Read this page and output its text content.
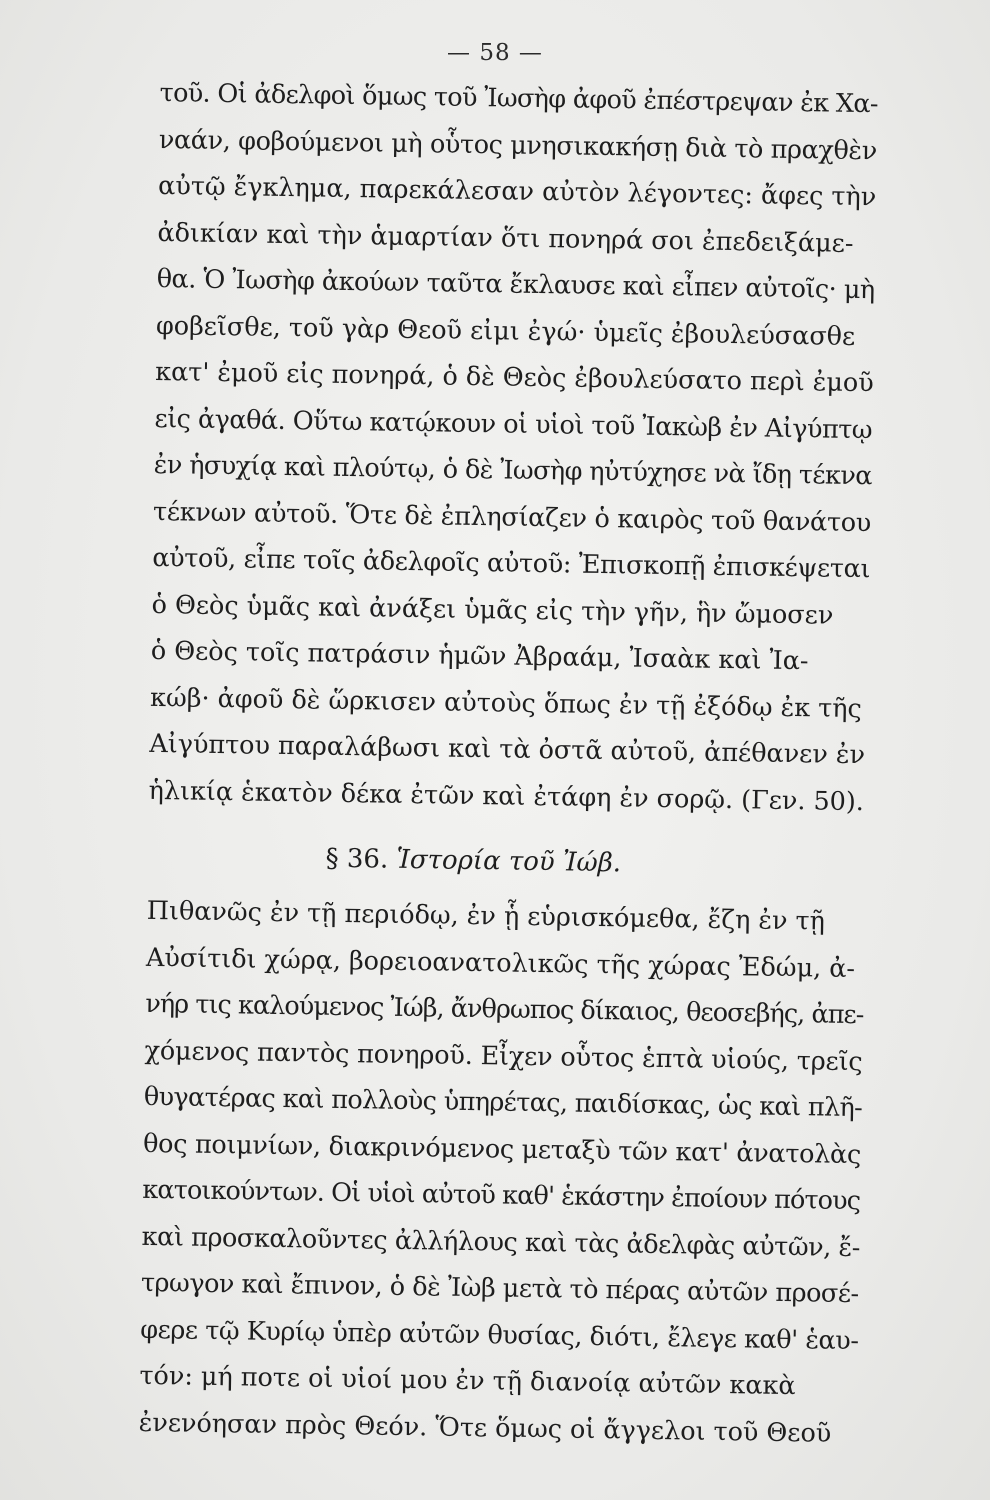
— 58 —
τοῦ. Οἱ ἀδελφοὶ ὅμως τοῦ Ἰωσὴφ ἀφοῦ ἐπέστρεψαν ἐκ Χα-
ναάν, φοβούμενοι μὴ οὗτος μνησικακήσῃ διὰ τὸ πραχθὲν
αὐτῷ ἔγκλημα, παρεκάλεσαν αὐτὸν λέγοντες: ἄφες τὴν
ἀδικίαν καὶ τὴν ἁμαρτίαν ὅτι πονηρά σοι ἐπεδειξάμε-
θα. Ὁ Ἰωσὴφ ἀκούων ταῦτα ἔκλαυσε καὶ εἶπεν αὐτοῖς· μὴ
φοβεῖσθε, τοῦ γὰρ Θεοῦ εἰμι ἐγώ· ὑμεῖς ἐβουλεύσασθε
κατ' ἐμοῦ εἰς πονηρά, ὁ δὲ Θεὸς ἐβουλεύσατο περὶ ἐμοῦ
εἰς ἀγαθά. Οὕτω κατῴκουν οἱ υἱοὶ τοῦ Ἰακὼβ ἐν Αἰγύπτῳ
ἐν ἡσυχίᾳ καὶ πλούτῳ, ὁ δὲ Ἰωσὴφ ηὐτύχησε νὰ ἴδῃ τέκνα
τέκνων αὐτοῦ. Ὅτε δὲ ἐπλησίαζεν ὁ καιρὸς τοῦ θανάτου
αὐτοῦ, εἶπε τοῖς ἀδελφοῖς αὐτοῦ: Ἐπισκοπῇ ἐπισκέψεται
ὁ Θεὸς ὑμᾶς καὶ ἀνάξει ὑμᾶς εἰς τὴν γῆν, ἣν ὤμοσεν
ὁ Θεὸς τοῖς πατράσιν ἡμῶν Ἀβραάμ, Ἰσαὰκ καὶ Ἰα-
κώβ· ἀφοῦ δὲ ὥρκισεν αὐτοὺς ὅπως ἐν τῇ ἐξόδῳ ἐκ τῆς
Αἰγύπτου παραλάβωσι καὶ τὰ ὀστᾶ αὐτοῦ, ἀπέθανεν ἐν
ἡλικίᾳ ἑκατὸν δέκα ἐτῶν καὶ ἐτάφη ἐν σορῷ. (Γεν. 50).
§ 36. Ἱστορία τοῦ Ἰώβ.
Πιθανῶς ἐν τῇ περιόδῳ, ἐν ᾗ εὑρισκόμεθα, ἔζη ἐν τῇ
Αὐσίτιδι χώρᾳ, βορειοανατολικῶς τῆς χώρας Ἐδώμ, ἀ-
νήρ τις καλούμενος Ἰώβ, ἄνθρωπος δίκαιος, θεοσεβής, ἀπε-
χόμενος παντὸς πονηροῦ. Εἶχεν οὗτος ἑπτὰ υἱούς, τρεῖς
θυγατέρας καὶ πολλοὺς ὑπηρέτας, παιδίσκας, ὡς καὶ πλῆ-
θος ποιμνίων, διακρινόμενος μεταξὺ τῶν κατ' ἀνατολὰς
κατοικούντων. Οἱ υἱοὶ αὐτοῦ καθ' ἑκάστην ἐποίουν πότους
καὶ προσκαλοῦντες ἀλλήλους καὶ τὰς ἀδελφὰς αὐτῶν, ἔ-
τρωγον καὶ ἔπινον, ὁ δὲ Ἰὼβ μετὰ τὸ πέρας αὐτῶν προσέ-
φερε τῷ Κυρίῳ ὑπὲρ αὐτῶν θυσίας, διότι, ἔλεγε καθ' ἑαυ-
τόν: μή ποτε οἱ υἱοί μου ἐν τῇ διανοίᾳ αὐτῶν κακὰ
ἐνενόησαν πρὸς Θεόν. Ὅτε ὅμως οἱ ἄγγελοι τοῦ Θεοῦ
